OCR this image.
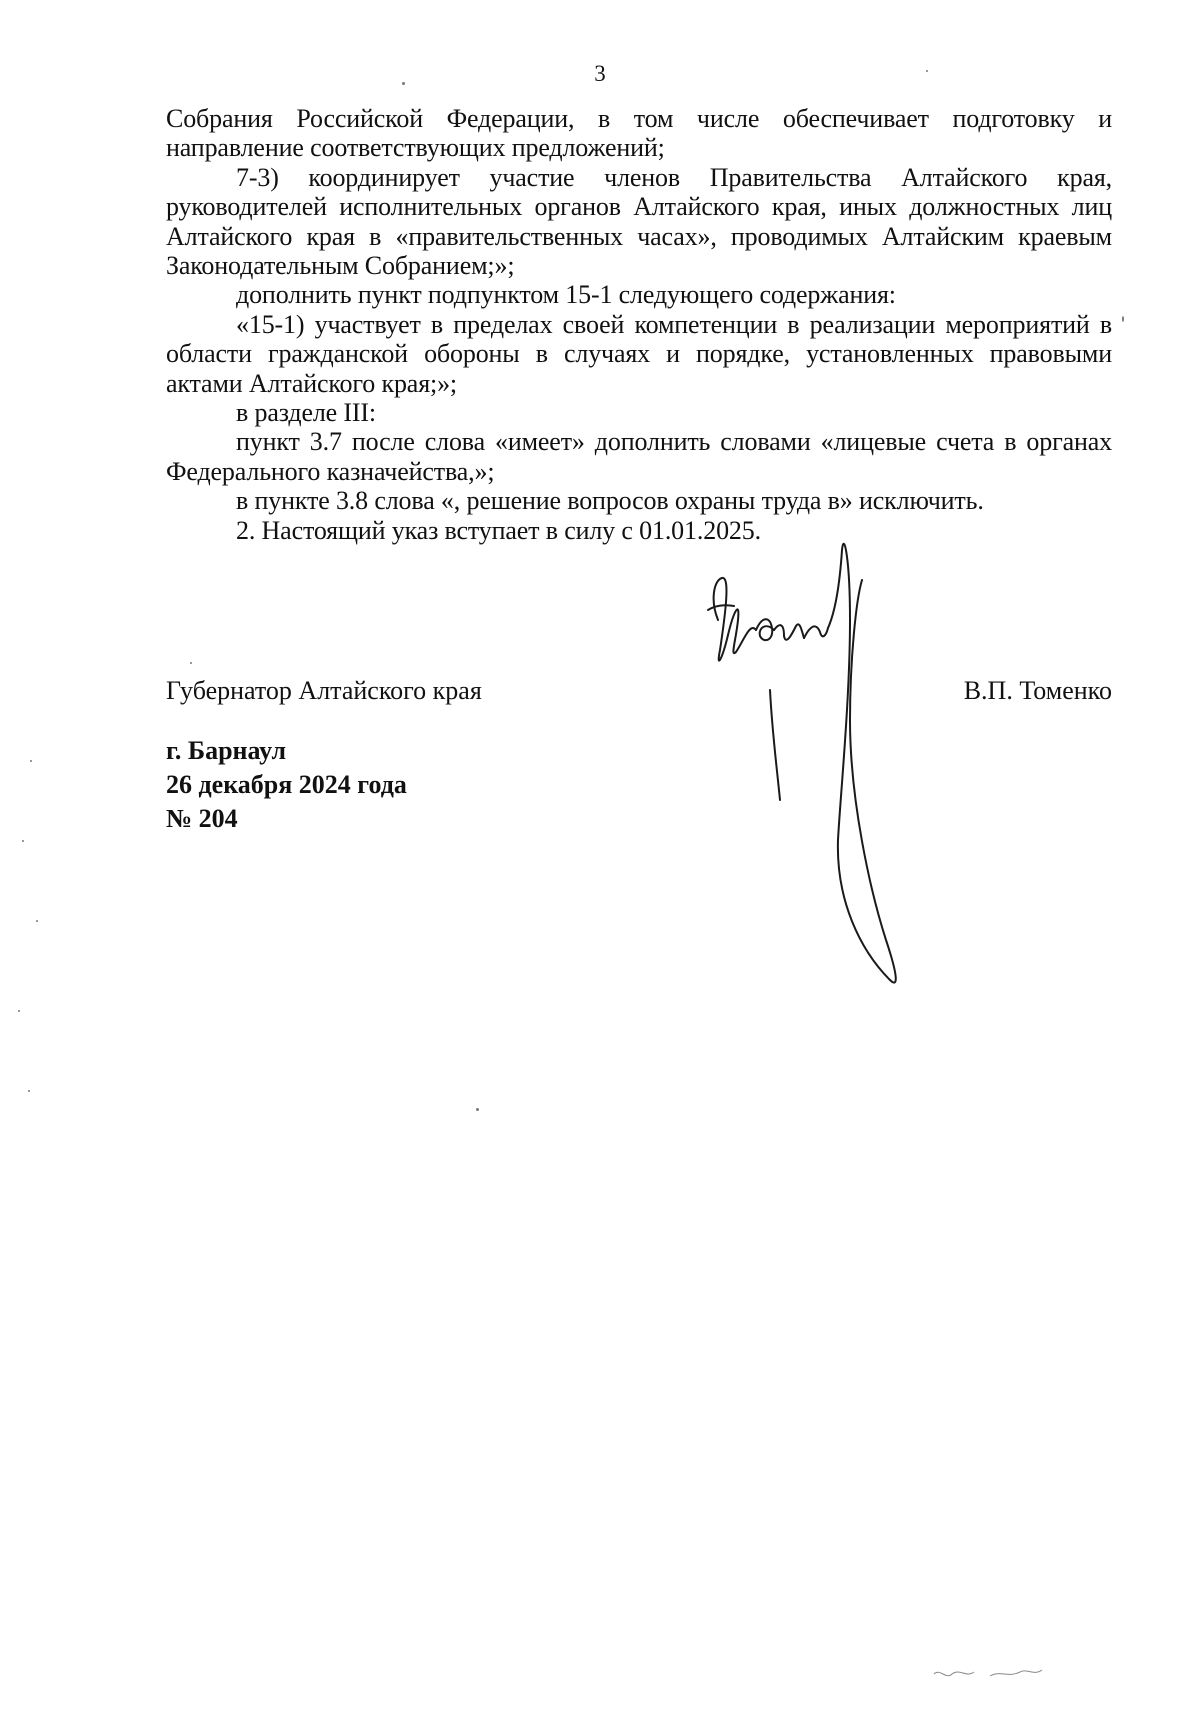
3

Собрания Российской Федерации, в том числе обеспечивает подготовку и направление соответствующих предложений;

7-3) координирует участие членов Правительства Алтайского края, руководителей исполнительных органов Алтайского края, иных должностных лиц Алтайского края в «правительственных часах», проводимых Алтайским краевым Законодательным Собранием;»;

дополнить пункт подпунктом 15-1 следующего содержания:

«15-1) участвует в пределах своей компетенции в реализации мероприятий в области гражданской обороны в случаях и порядке, установленных правовыми актами Алтайского края;»;

в разделе III:

пункт 3.7 после слова «имеет» дополнить словами «лицевые счета в органах Федерального казначейства,»;

в пункте 3.8 слова «, решение вопросов охраны труда в» исключить.

2. Настоящий указ вступает в силу с 01.01.2025.

Губернатор Алтайского края	В.П. Томенко
г. Барнаул
26 декабря 2024 года
№ 204
